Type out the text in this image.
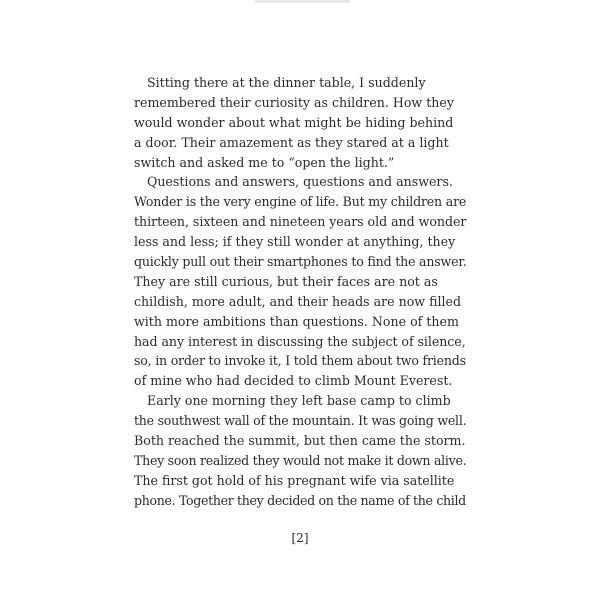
Sitting there at the dinner table, I suddenly
remembered their curiosity as children. How they
would wonder about what might be hiding behind
a door. Their amazement as they stared at a light
switch and asked me to “open the light.”
Questions and answers, questions and answers.
Wonder is the very engine of life. But my children are
thirteen, sixteen and nineteen years old and wonder
less and less; if they still wonder at anything, they
quickly pull out their smartphones to find the answer.
They are still curious, but their faces are not as
childish, more adult, and their heads are now filled
with more ambitions than questions. None of them
had any interest in discussing the subject of silence,
so, in order to invoke it, I told them about two friends
of mine who had decided to climb Mount Everest.
Early one morning they left base camp to climb
the southwest wall of the mountain. It was going well.
Both reached the summit, but then came the storm.
They soon realized they would not make it down alive.
The first got hold of his pregnant wife via satellite
phone. Together they decided on the name of the child
[2]
